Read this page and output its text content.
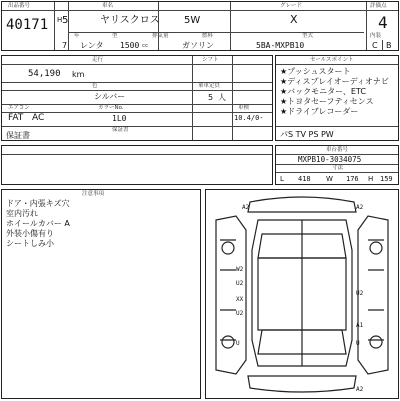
出品番号
40171 H 5
車名
ヤリスクロス 5W
グレード
X
評価点
4
年	型	排気量	燃料	型式	内装
7 レンタ 1500 cc	ガソリン	5BA-MXPB10	C B
走行
54,190 km
シフト
色
シルバー
乗車定員
5 人
エアコン
FAT AC
カラーNo.
1L0
車検
10.4/0-
保証書
保証書
セールスポイント
★プッシュスタート
★ディスプレイオーディオナビ
★バックモニター、ETC
★トヨタセーフティセンス
★ドライブレコーダー
パS TV PS PW
車台番号
MXPB10-3034075
寸法
L 418 W 176 H 159
注意事項
ドア・内張キズ穴
室内汚れ
ホイールカバー A
外装小傷有り
シートしみ小
A2	A2
W2
U2
XX
U2
U2
A1
A2
U	U
